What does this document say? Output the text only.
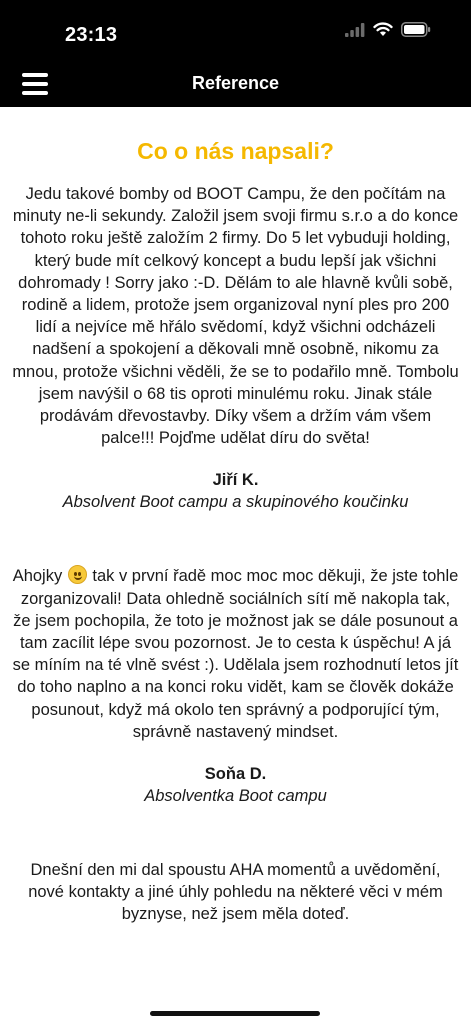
23:13
Reference
Co o nás napsali?

Jedu takové bomby od BOOT Campu, že den počítám na minuty ne-li sekundy. Založil jsem svoji firmu s.r.o a do konce tohoto roku ještě založím 2 firmy. Do 5 let vybuduji holding, který bude mít celkový koncept a budu lepší jak všichni dohromady ! Sorry jako :-D. Dělám to ale hlavně kvůli sobě, rodině a lidem, protože jsem organizoval nyní ples pro 200 lidí a nejvíce mě hřálo svědomí, když všichni odcházeli nadšení a spokojení a děkovali mně osobně, nikomu za mnou, protože všichni věděli, že se to podařilo mně. Tombolu jsem navýšil o 68 tis oproti minulému roku. Jinak stále prodávám dřevostavby. Díky všem a držím vám všem palce!!! Pojďme udělat díru do světa!

Jiří K.
Absolvent Boot campu a skupinového koučinku

Ahojky
tak v první řadě moc moc moc děkuji, že jste tohle zorganizovali! Data ohledně sociálních sítí mě nakopla tak, že jsem pochopila, že toto je možnost jak se dále posunout a tam zacílit lépe svou pozornost. Je to cesta k úspěchu! A já se míním na té vlně svést :). Udělala jsem rozhodnutí letos jít do toho naplno a na konci roku vidět, kam se člověk dokáže posunout, když má okolo ten správný a podporující tým, správně nastavený mindset.

Soňa D.
Absolventka Boot campu

Dnešní den mi dal spoustu AHA momentů a uvědomění, nové kontakty a jiné úhly pohledu na některé věci v mém byznyse, než jsem měla doteď.
